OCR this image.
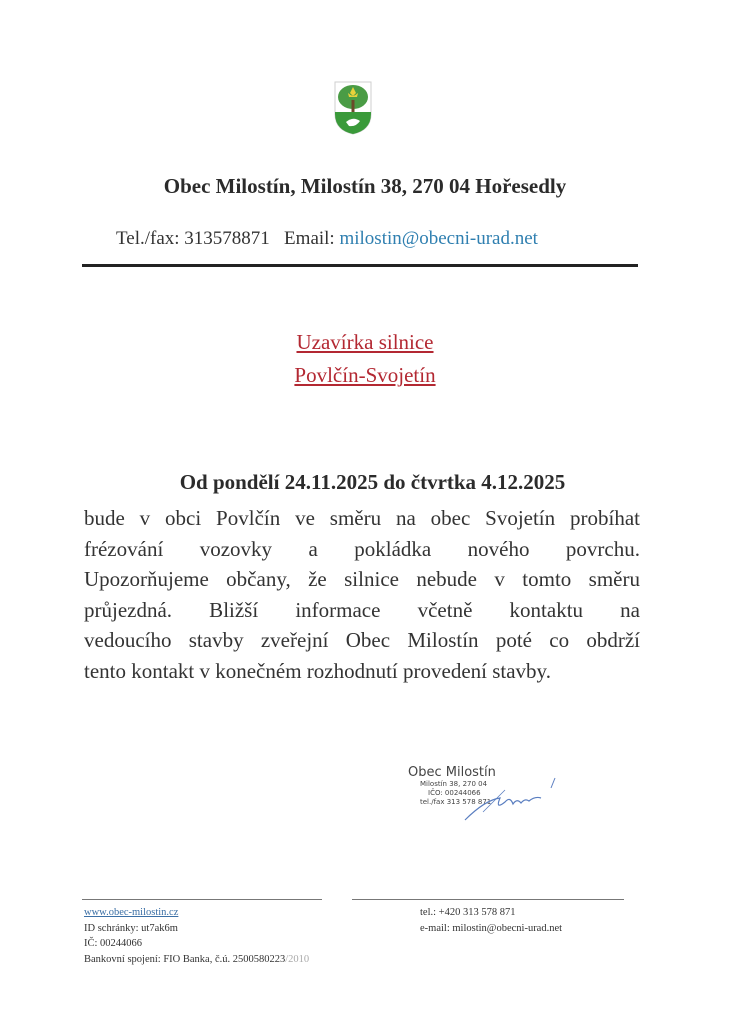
Obec Milostín, Milostín 38, 270 04 Hořesedly
Tel./fax: 313578871   Email: milostin@obecni-urad.net
Uzavírka silnice
Povlčín-Svojetín
Od pondělí 24.11.2025 do čtvrtka 4.12.2025
bude v obci Povlčín ve směru na obec Svojetín probíhat
frézování vozovky a pokládka nového povrchu.
Upozorňujeme občany, že silnice nebude v tomto směru
průjezdná. Bližší informace včetně kontaktu na
vedoucího stavby zveřejní Obec Milostín poté co obdrží
tento kontakt v konečném rozhodnutí provedení stavby.
Obec Milostín
Milostín 38, 270 04
IČO: 00244066
tel./fax 313 578 871
www.obec-milostin.cz
ID schránky: ut7ak6m
IČ: 00244066
Bankovní spojení: FIO Banka, č.ú. 2500580223/2010
tel.: +420 313 578 871
e-mail: milostin@obecni-urad.net
